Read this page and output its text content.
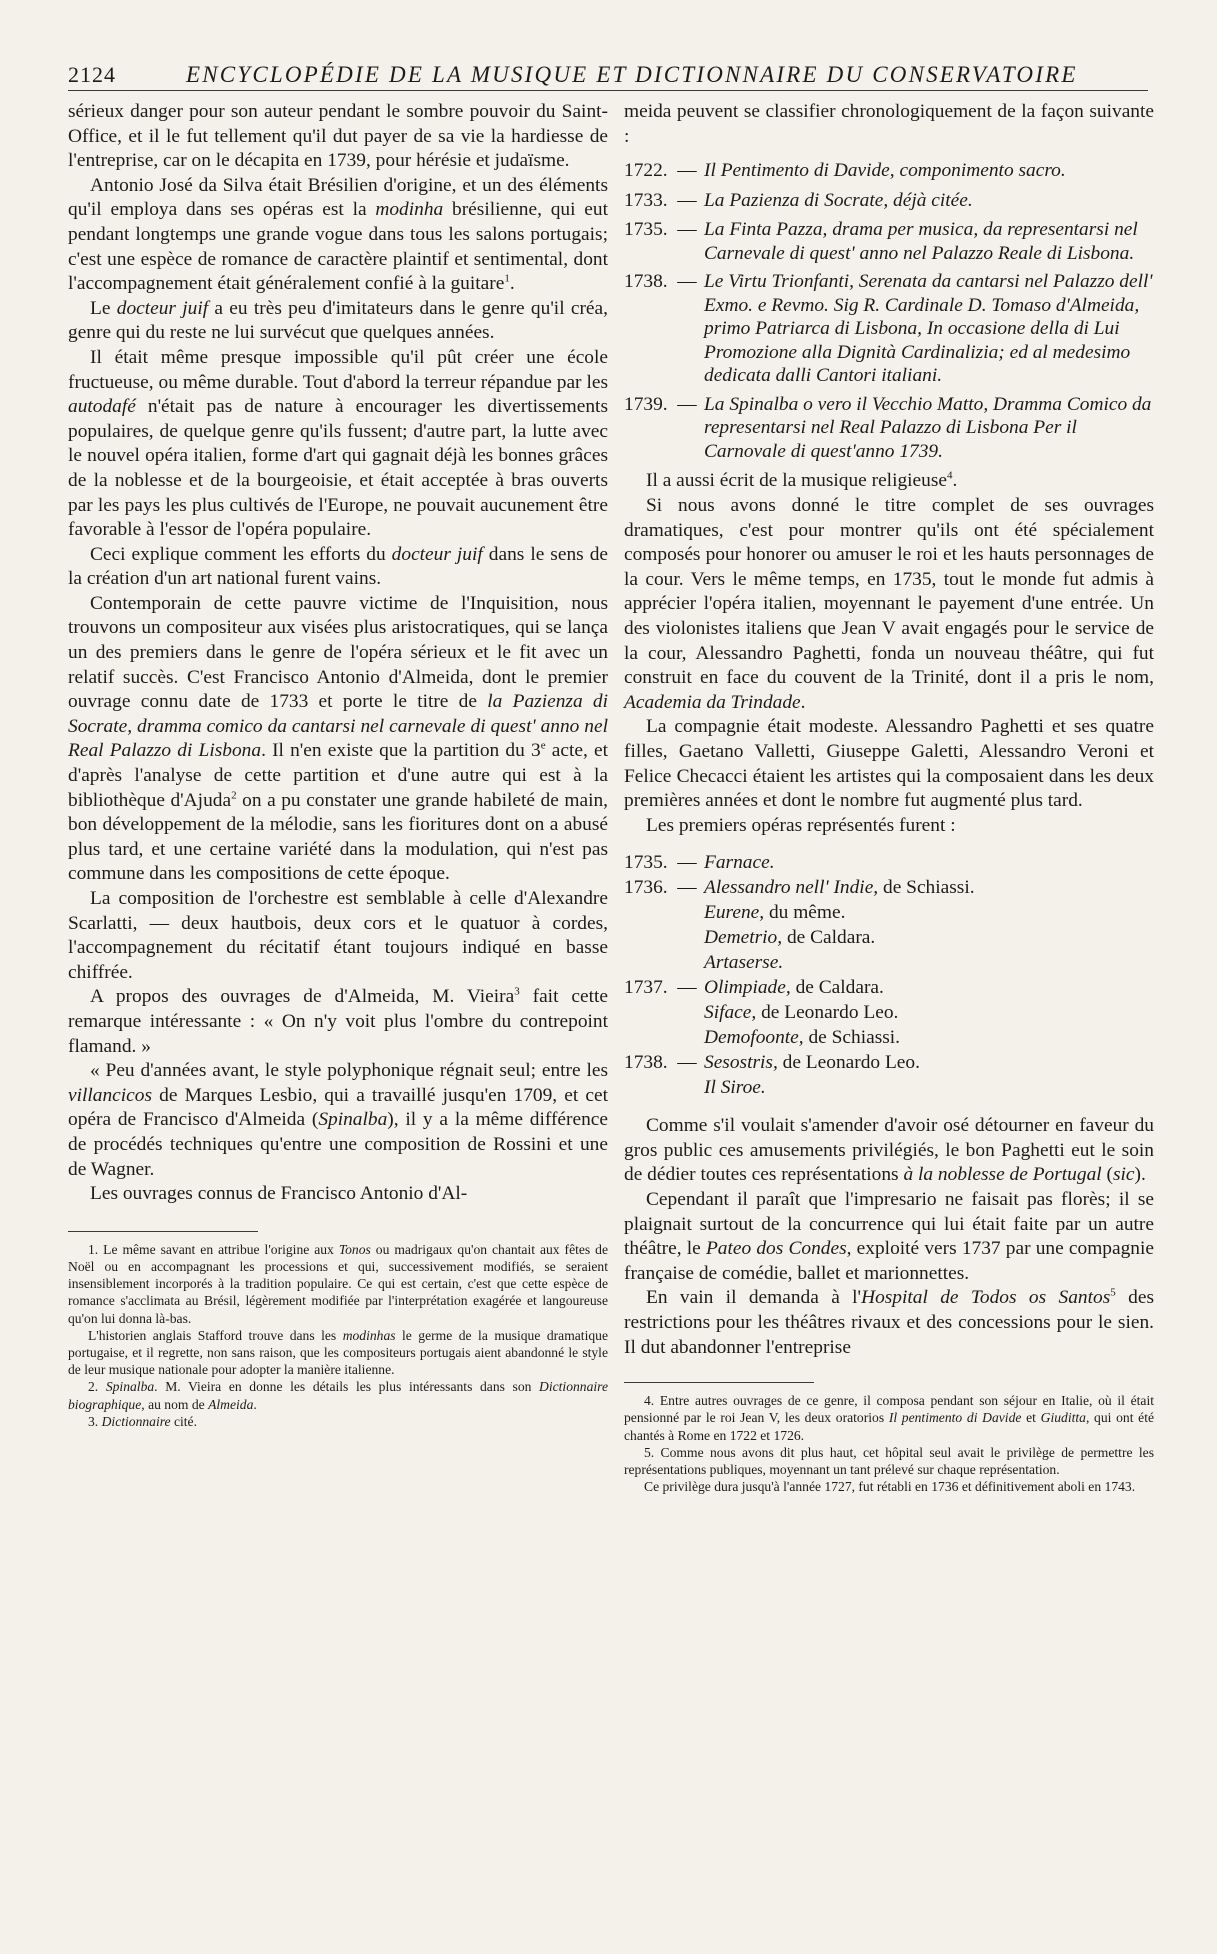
2124	ENCYCLOPÉDIE DE LA MUSIQUE ET DICTIONNAIRE DU CONSERVATOIRE

sérieux danger pour son auteur pendant le sombre pouvoir du Saint-Office, et il le fut tellement qu'il dut payer de sa vie la hardiesse de l'entreprise, car on le décapita en 1739, pour hérésie et judaïsme.

Antonio José da Silva était Brésilien d'origine, et un des éléments qu'il employa dans ses opéras est la modinha brésilienne, qui eut pendant longtemps une grande vogue dans tous les salons portugais; c'est une espèce de romance de caractère plaintif et sentimental, dont l'accompagnement était généralement confié à la guitare$^1$.

Le docteur juif a eu très peu d'imitateurs dans le genre qu'il créa, genre qui du reste ne lui survécut que quelques années.

Il était même presque impossible qu'il pût créer une école fructueuse, ou même durable. Tout d'abord la terreur répandue par les autodafé n'était pas de nature à encourager les divertissements populaires, de quelque genre qu'ils fussent; d'autre part, la lutte avec le nouvel opéra italien, forme d'art qui gagnait déjà les bonnes grâces de la noblesse et de la bourgeoisie, et était acceptée à bras ouverts par les pays les plus cultivés de l'Europe, ne pouvait aucunement être favorable à l'essor de l'opéra populaire.

Ceci explique comment les efforts du docteur juif dans le sens de la création d'un art national furent vains.

Contemporain de cette pauvre victime de l'Inquisition, nous trouvons un compositeur aux visées plus aristocratiques, qui se lança un des premiers dans le genre de l'opéra sérieux et le fit avec un relatif succès. C'est Francisco Antonio d'Almeida, dont le premier ouvrage connu date de 1733 et porte le titre de la Pazienza di Socrate, dramma comico da cantarsi nel carnevale di quest' anno nel Real Palazzo di Lisbona. Il n'en existe que la partition du 3e acte, et d'après l'analyse de cette partition et d'une autre qui est à la bibliothèque d'Ajuda$^2$ on a pu constater une grande habileté de main, bon développement de la mélodie, sans les fioritures dont on a abusé plus tard, et une certaine variété dans la modulation, qui n'est pas commune dans les compositions de cette époque.

La composition de l'orchestre est semblable à celle d'Alexandre Scarlatti, — deux hautbois, deux cors et le quatuor à cordes, l'accompagnement du récitatif étant toujours indiqué en basse chiffrée.

A propos des ouvrages de d'Almeida, M. Vieira$^3$ fait cette remarque intéressante : « On n'y voit plus l'ombre du contrepoint flamand. »

« Peu d'années avant, le style polyphonique régnait seul; entre les villancicos de Marques Lesbio, qui a travaillé jusqu'en 1709, et cet opéra de Francisco d'Almeida (Spinalba), il y a la même différence de procédés techniques qu'entre une composition de Rossini et une de Wagner.

Les ouvrages connus de Francisco Antonio d'Al-

1. Le même savant en attribue l'origine aux Tonos ou madrigaux qu'on chantait aux fêtes de Noël ou en accompagnant les processions et qui, successivement modifiés, se seraient insensiblement incorporés à la tradition populaire. Ce qui est certain, c'est que cette espèce de romance s'acclimata au Brésil, légèrement modifiée par l'interprétation exagérée et langoureuse qu'on lui donna là-bas.

L'historien anglais Stafford trouve dans les modinhas le germe de la musique dramatique portugaise, et il regrette, non sans raison, que les compositeurs portugais aient abandonné le style de leur musique nationale pour adopter la manière italienne.

2. Spinalba. M. Vieira en donne les détails les plus intéressants dans son Dictionnaire biographique, au nom de Almeida.

3. Dictionnaire cité.

meida peuvent se classifier chronologiquement de la façon suivante :

1722. — Il Pentimento di Davide, componimento sacro.
1733. — La Pazienza di Socrate, déjà citée.
1735. — La Finta Pazza, drama per musica, da representarsi nel Carnevale di quest' anno nel Palazzo Reale di Lisbona.
1738. — Le Virtu Trionfanti, Serenata da cantarsi nel Palazzo dell' Exmo. e Revmo. Sig R. Cardinale D. Tomaso d'Almeida, primo Patriarca di Lisbona, In occasione della di Lui Promozione alla Dignità Cardinalizia; ed al medesimo dedicata dalli Cantori italiani.
1739. — La Spinalba o vero il Vecchio Matto, Dramma Comico da representarsi nel Real Palazzo di Lisbona Per il Carnovale di quest'anno 1739.

Il a aussi écrit de la musique religieuse$^4$.

Si nous avons donné le titre complet de ses ouvrages dramatiques, c'est pour montrer qu'ils ont été spécialement composés pour honorer ou amuser le roi et les hauts personnages de la cour. Vers le même temps, en 1735, tout le monde fut admis à apprécier l'opéra italien, moyennant le payement d'une entrée. Un des violonistes italiens que Jean V avait engagés pour le service de la cour, Alessandro Paghetti, fonda un nouveau théâtre, qui fut construit en face du couvent de la Trinité, dont il a pris le nom, Academia da Trindade.

La compagnie était modeste. Alessandro Paghetti et ses quatre filles, Gaetano Valletti, Giuseppe Galetti, Alessandro Veroni et Felice Checacci étaient les artistes qui la composaient dans les deux premières années et dont le nombre fut augmenté plus tard.

Les premiers opéras représentés furent :

1735. — Farnace.
1736. — Alessandro nell' Indie, de Schiassi.
Eurene, du même.
Demetrio, de Caldara.
Artaserse.
1737. — Olimpiade, de Caldara.
Siface, de Leonardo Leo.
Demofoonte, de Schiassi.
1738. — Sesostris, de Leonardo Leo.
Il Siroe.

Comme s'il voulait s'amender d'avoir osé détourner en faveur du gros public ces amusements privilégiés, le bon Paghetti eut le soin de dédier toutes ces représentations à la noblesse de Portugal (sic).

Cependant il paraît que l'impresario ne faisait pas florès; il se plaignait surtout de la concurrence qui lui était faite par un autre théâtre, le Pateo dos Condes, exploité vers 1737 par une compagnie française de comédie, ballet et marionnettes.

En vain il demanda à l'Hospital de Todos os Santos$^5$ des restrictions pour les théâtres rivaux et des concessions pour le sien. Il dut abandonner l'entreprise

4. Entre autres ouvrages de ce genre, il composa pendant son séjour en Italie, où il était pensionné par le roi Jean V, les deux oratorios Il pentimento di Davide et Giuditta, qui ont été chantés à Rome en 1722 et 1726.

5. Comme nous avons dit plus haut, cet hôpital seul avait le privilège de permettre les représentations publiques, moyennant un tant prélevé sur chaque représentation.

Ce privilège dura jusqu'à l'année 1727, fut rétabli en 1736 et définitivement aboli en 1743.
